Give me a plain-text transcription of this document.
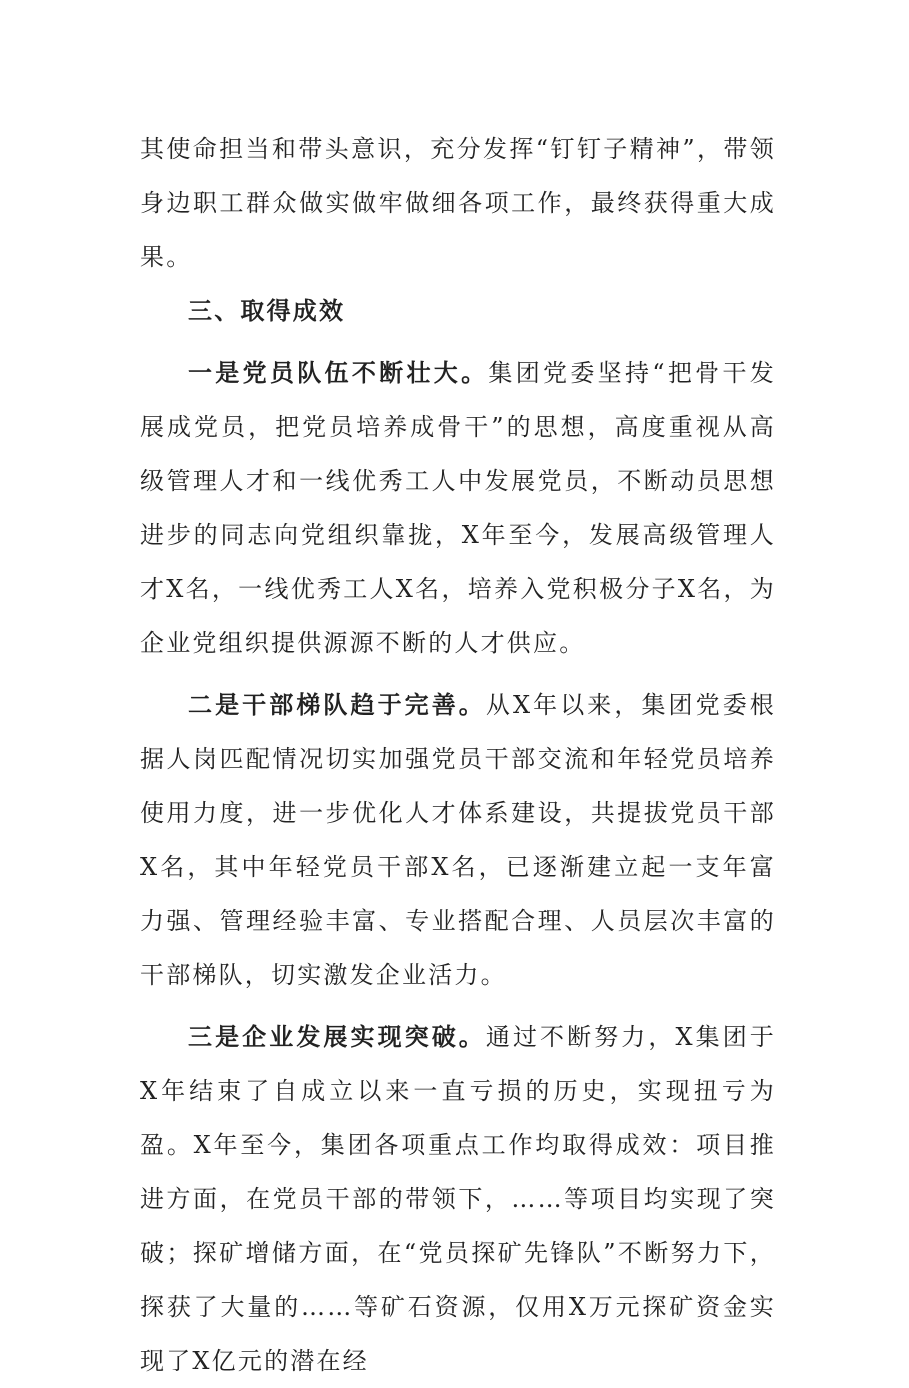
其使命担当和带头意识，充分发挥“钉钉子精神”，带领身边职工群众做实做牢做细各项工作，最终获得重大成果。

三、取得成效

一是党员队伍不断壮大。集团党委坚持“把骨干发展成党员，把党员培养成骨干”的思想，高度重视从高级管理人才和一线优秀工人中发展党员，不断动员思想进步的同志向党组织靠拢，X年至今，发展高级管理人才X名，一线优秀工人X名，培养入党积极分子X名，为企业党组织提供源源不断的人才供应。

二是干部梯队趋于完善。从X年以来，集团党委根据人岗匹配情况切实加强党员干部交流和年轻党员培养使用力度，进一步优化人才体系建设，共提拔党员干部X名，其中年轻党员干部X名，已逐渐建立起一支年富力强、管理经验丰富、专业搭配合理、人员层次丰富的干部梯队，切实激发企业活力。

三是企业发展实现突破。通过不断努力，X集团于X年结束了自成立以来一直亏损的历史，实现扭亏为盈。X年至今，集团各项重点工作均取得成效：项目推进方面，在党员干部的带领下，……等项目均实现了突破；探矿增储方面，在“党员探矿先锋队”不断努力下，探获了大量的……等矿石资源，仅用X万元探矿资金实现了X亿元的潜在经
